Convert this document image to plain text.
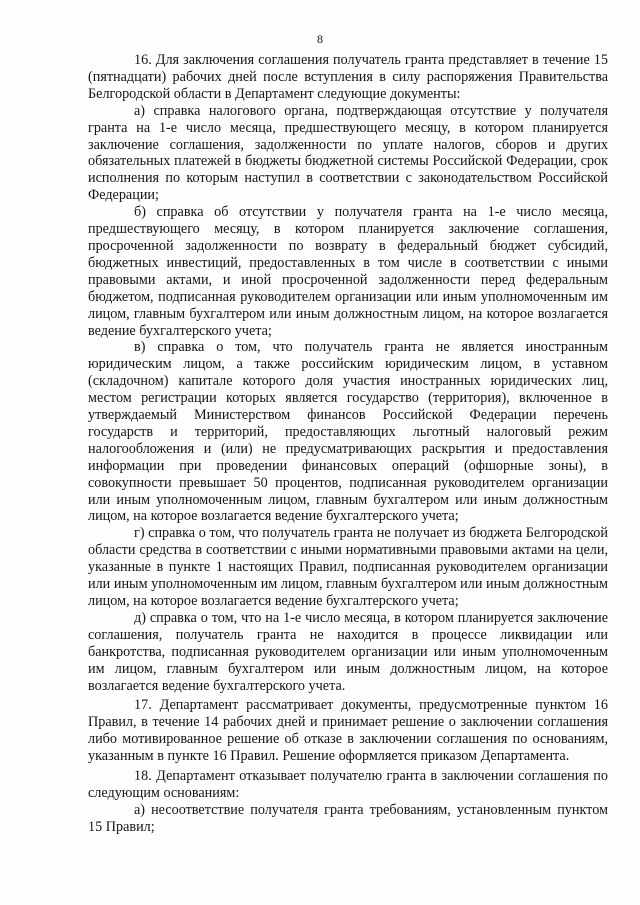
8

16. Для заключения соглашения получатель гранта представляет в течение 15 (пятнадцати) рабочих дней после вступления в силу распоряжения Правительства Белгородской области в Департамент следующие документы:

а) справка налогового органа, подтверждающая отсутствие у получателя гранта на 1-е число месяца, предшествующего месяцу, в котором планируется заключение соглашения, задолженности по уплате налогов, сборов и других обязательных платежей в бюджеты бюджетной системы Российской Федерации, срок исполнения по которым наступил в соответствии с законодательством Российской Федерации;

б) справка об отсутствии у получателя гранта на 1-е число месяца, предшествующего месяцу, в котором планируется заключение соглашения, просроченной задолженности по возврату в федеральный бюджет субсидий, бюджетных инвестиций, предоставленных в том числе в соответствии с иными правовыми актами, и иной просроченной задолженности перед федеральным бюджетом, подписанная руководителем организации или иным уполномоченным им лицом, главным бухгалтером или иным должностным лицом, на которое возлагается ведение бухгалтерского учета;

в) справка о том, что получатель гранта не является иностранным юридическим лицом, а также российским юридическим лицом, в уставном (складочном) капитале которого доля участия иностранных юридических лиц, местом регистрации которых является государство (территория), включенное в утверждаемый Министерством финансов Российской Федерации перечень государств и территорий, предоставляющих льготный налоговый режим налогообложения и (или) не предусматривающих раскрытия и предоставления информации при проведении финансовых операций (офшорные зоны), в совокупности превышает 50 процентов, подписанная руководителем организации или иным уполномоченным лицом, главным бухгалтером или иным должностным лицом, на которое возлагается ведение бухгалтерского учета;

г) справка о том, что получатель гранта не получает из бюджета Белгородской области средства в соответствии с иными нормативными правовыми актами на цели, указанные в пункте 1 настоящих Правил, подписанная руководителем организации или иным уполномоченным им лицом, главным бухгалтером или иным должностным лицом, на которое возлагается ведение бухгалтерского учета;

д) справка о том, что на 1-е число месяца, в котором планируется заключение соглашения, получатель гранта не находится в процессе ликвидации или банкротства, подписанная руководителем организации или иным уполномоченным им лицом, главным бухгалтером или иным должностным лицом, на которое возлагается ведение бухгалтерского учета.

17. Департамент рассматривает документы, предусмотренные пунктом 16 Правил, в течение 14 рабочих дней и принимает решение о заключении соглашения либо мотивированное решение об отказе в заключении соглашения по основаниям, указанным в пункте 16 Правил. Решение оформляется приказом Департамента.

18. Департамент отказывает получателю гранта в заключении соглашения по следующим основаниям:

а) несоответствие получателя гранта требованиям, установленным пунктом 15 Правил;
